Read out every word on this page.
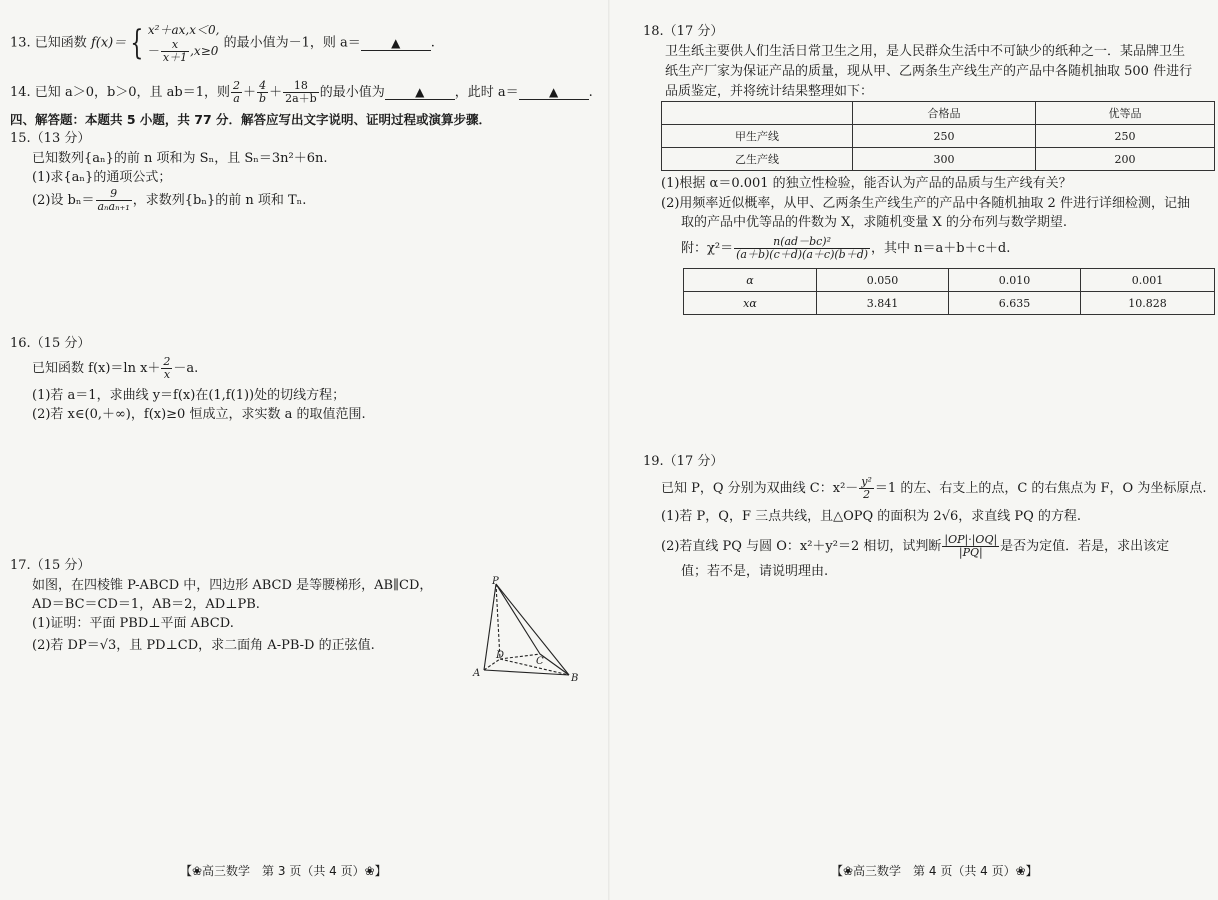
13. 已知函数 f(x)＝ { x²＋ax,x＜0,
－ $\frac{x}{x+1} ,x\ge 0$
的最小值为－1，则 a＝	▲ .
14. 已知 a＞0，b＞0，且 ab＝1，则 $\frac{2}{a} + \frac{4}{b} + \frac{18}{2a+b}$ 的最小值为	▲ ，此时 a＝	▲ .
四、解答题：本题共 5 小题，共 77 分．解答应写出文字说明、证明过程或演算步骤．
15.（13 分）
已知数列{aₙ}的前 n 项和为 Sₙ，且 Sₙ＝3n²＋6n.
(1)求{aₙ}的通项公式；
(2)设 $b_n= \frac{9}{\text{aₙaₙ₊₁}}$ ，求数列{bₙ}的前 n 项和 Tₙ.
16.（15 分）
已知函数 f(x)＝ln $x+ \frac{2}{x} -a$.
(1)若 a＝1，求曲线 y＝f(x)在(1,f(1))处的切线方程；
(2)若 x∈(0,＋∞)，f(x)≥0 恒成立，求实数 a 的取值范围.
17.（15 分）
如图，在四棱锥 P-ABCD 中，四边形 ABCD 是等腰梯形，AB∥CD，
AD＝BC＝CD＝1，AB＝2，AD⊥PB.
(1)证明：平面 PBD⊥平面 ABCD.
(2)若 DP＝√3，且 PD⊥CD，求二面角 A-PB-D 的正弦值.
P
A	B
C
D
【❀高三数学　第 3 页（共 4 页）❀】
18.（17 分）
卫生纸主要供人们生活日常卫生之用，是人民群众生活中不可缺少的纸种之一．某品牌卫生
纸生产厂家为保证产品的质量，现从甲、乙两条生产线生产的产品中各随机抽取 500 件进行
品质鉴定，并将统计结果整理如下：
	合格品	优等品
甲生产线	250	250
乙生产线	300	200
(1)根据 α＝0.001 的独立性检验，能否认为产品的品质与生产线有关？
(2)用频率近似概率，从甲、乙两条生产线生产的产品中各随机抽取 2 件进行详细检测，记抽
取的产品中优等品的件数为 X，求随机变量 X 的分布列与数学期望.
附：$\chi^2= \frac{\text{n(ad－bc)²}}{(a+b)(c+d)(a+c)(b+d)}$ ，其中 n＝a＋b＋c＋d.
α	0.050	0.010	0.001
xα	3.841	6.635	10.828
19.（17 分）
已知 P，Q 分别为双曲线 C：$x^2- \frac{\text{y²}}{2} =1$ 的左、右支上的点，C 的右焦点为 F，O 为坐标原点.
(1)若 P，Q，F 三点共线，且△OPQ 的面积为 2√6，求直线 PQ 的方程.
(2)若直线 PQ 与圆 O：x²＋y²＝2 相切，试判断 $\frac{|OP|\cdot|OQ|}{|PQ|}$ 是否为定值．若是，求出该定
值；若不是，请说明理由.
【❀高三数学　第 4 页（共 4 页）❀】
